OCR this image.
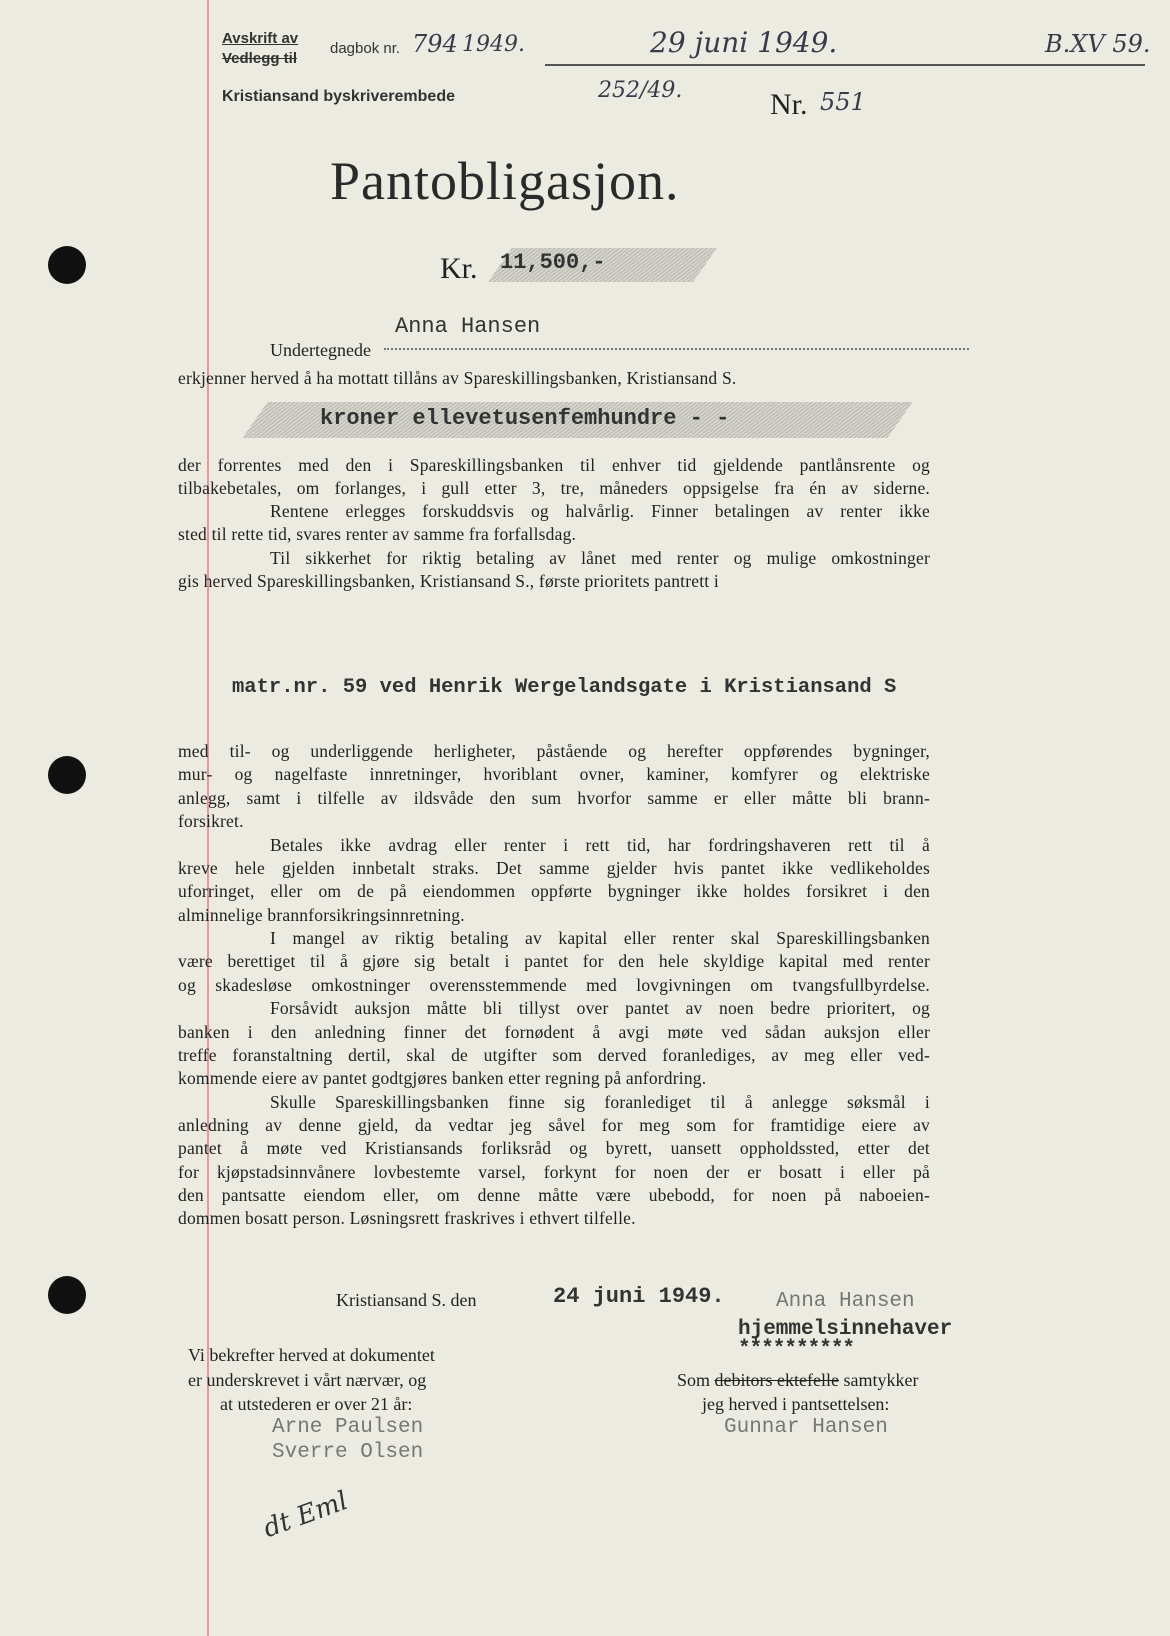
Avskrift av
Vedlegg til
dagbok nr. 794 1949.	29 juni 1949.	B.XV 59.
Kristiansand byskriverembede	252/49.	Nr. 551
Pantobligasjon.
Kr. 11,500,-
Undertegnede
Anna Hansen
erkjenner herved å ha mottatt tillåns av Spareskillingsbanken, Kristiansand S.
kroner ellevetusenfemhundre - -
der forrentes med den i Spareskillingsbanken til enhver tid gjeldende pantlånsrente og
tilbakebetales, om forlanges, i gull etter 3, tre, måneders oppsigelse fra én av siderne.
Rentene erlegges forskuddsvis og halvårlig. Finner betalingen av renter ikke
sted til rette tid, svares renter av samme fra forfallsdag.
Til sikkerhet for riktig betaling av lånet med renter og mulige omkostninger
gis herved Spareskillingsbanken, Kristiansand S., første prioritets pantrett i
matr.nr. 59 ved Henrik Wergelandsgate i Kristiansand S
med til- og underliggende herligheter, påstående og herefter oppførendes bygninger,
mur- og nagelfaste innretninger, hvoriblant ovner, kaminer, komfyrer og elektriske
anlegg, samt i tilfelle av ildsvåde den sum hvorfor samme er eller måtte bli brann-
forsikret.
Betales ikke avdrag eller renter i rett tid, har fordringshaveren rett til å
kreve hele gjelden innbetalt straks. Det samme gjelder hvis pantet ikke vedlikeholdes
uforringet, eller om de på eiendommen oppførte bygninger ikke holdes forsikret i den
alminnelige brannforsikringsinnretning.
I mangel av riktig betaling av kapital eller renter skal Spareskillingsbanken
være berettiget til å gjøre sig betalt i pantet for den hele skyldige kapital med renter
og skadesløse omkostninger overensstemmende med lovgivningen om tvangsfullbyrdelse.
Forsåvidt auksjon måtte bli tillyst over pantet av noen bedre prioritert, og
banken i den anledning finner det fornødent å avgi møte ved sådan auksjon eller
treffe foranstaltning dertil, skal de utgifter som derved foranlediges, av meg eller ved-
kommende eiere av pantet godtgjøres banken etter regning på anfordring.
Skulle Spareskillingsbanken finne sig foranlediget til å anlegge søksmål i
anledning av denne gjeld, da vedtar jeg såvel for meg som for framtidige eiere av
pantet å møte ved Kristiansands forliksråd og byrett, uansett oppholdssted, etter det
for kjøpstadsinnvånere lovbestemte varsel, forkynt for noen der er bosatt i eller på
den pantsatte eiendom eller, om denne måtte være ubebodd, for noen på naboeien-
dommen bosatt person. Løsningsrett fraskrives i ethvert tilfelle.
Kristiansand S. den	24 juni 1949. Anna Hansen
hjemmelsinnehaver
**********
Vi bekrefter herved at dokumentet
er underskrevet i vårt nærvær, og
at utstederen er over 21 år:
Arne Paulsen
Sverre Olsen
Som debitors ektefelle samtykker
jeg herved i pantsettelsen:
Gunnar Hansen
dt Eml
